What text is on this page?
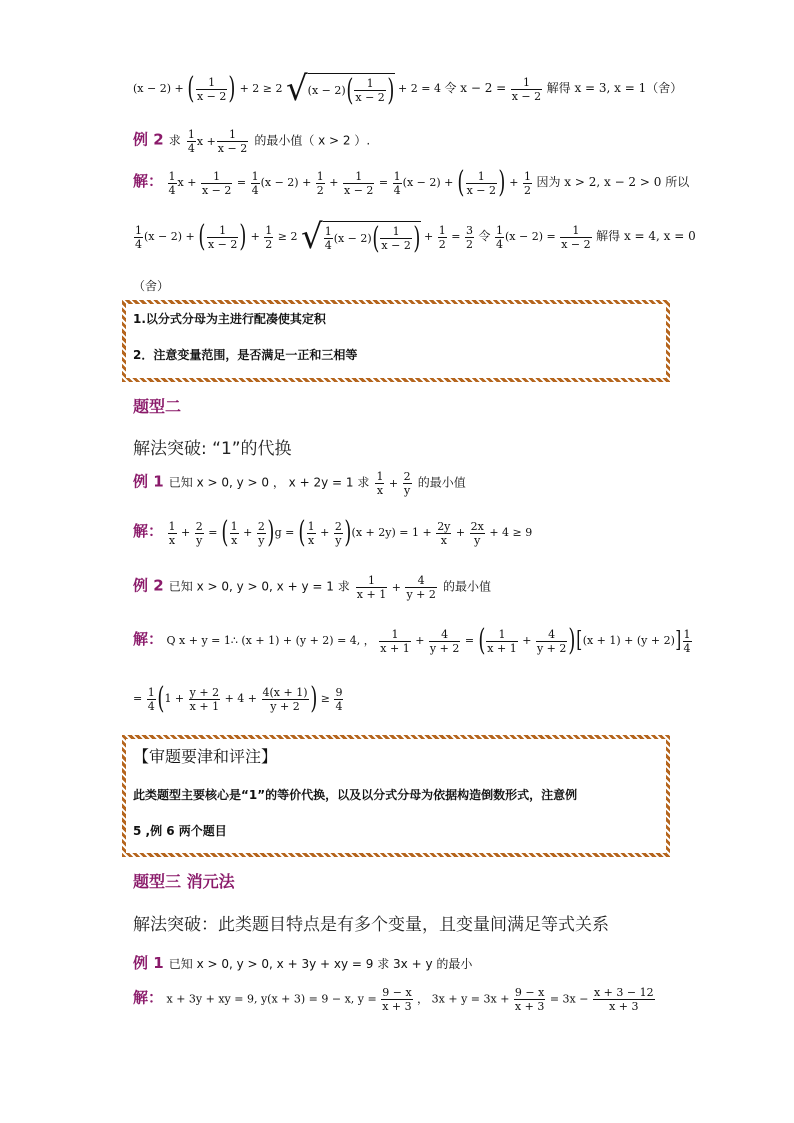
(x − 2) + ( $\frac{1}{x - 2}$ ) + 2 ≥ 2 $√(x - 2)( \frac{1}{x - 2}$ ) + 2 = 4 令 $x - 2 = \frac{1}{x - 2}$ 解得 x = 3, x = 1（舍）
例 2 求 $\frac{1}{4}$ $x + \frac{1}{x - 2}$ 的最小值（ x > 2 ）.
解： $\frac{1}{4}$ $x + \frac{1}{x - 2} = \frac{1}{4} (x - 2) + \frac{1}{2} + \frac{1}{x - 2} = \frac{1}{4} (x - 2)$ + ( $\frac{1}{x - 2}$ ) + $\frac{1}{2}$ 因为 x > 2, x − 2 > 0 所以
$\frac{1}{4} (x - 2)$ + ( $\frac{1}{x - 2}$ ) + $\frac{1}{2} \ge 2$ √ $\frac{1}{4} (x - 2)( \frac{1}{x - 2}$ ) + $\frac{1}{2} = \frac{3}{2}$ 令 $\frac{1}{4} (x - 2) = \frac{1}{x - 2}$ 解得 x = 4, x = 0
（舍）
1.以分式分母为主进行配凑使其定积
2．注意变量范围，是否满足一正和三相等
题型二
解法突破: “1”的代换
例 1 已知 x > 0, y > 0 ， x + 2y = 1 求 $\frac{1}{x} + \frac{2}{y}$ 的最小值
解： $\frac{1}{x} + \frac{2}{y}$ = ( $\frac{1}{x} + \frac{2}{y} )g$ = ( $\frac{1}{x} + \frac{2}{y} )(x + 2y) = 1 + \frac{2y}{x} + \frac{2x}{y} + 4 \ge 9$
例 2 已知 x > 0, y > 0, x + y = 1 求 $\frac{1}{x + 1} + \frac{4}{y + 2}$ 的最小值
解： Q x + y = 1∴ (x + 1) + (y + 2) = 4, ， $\frac{1}{x + 1} + \frac{4}{y + 2}$ = ( $\frac{1}{x + 1} + \frac{4}{y + 2} )[(x + 1) + (y + 2)] \frac{1}{4}$
= $\frac{1}{4} (1 + \frac{y + 2}{x + 1} + 4 + \frac{4(x + 1)}{y + 2}$ ) ≥ $\frac{9}{4}$
【审题要津和评注】
此类题型主要核心是“1”的等价代换，以及以分式分母为依据构造倒数形式，注意例
5 ,例 6 两个题目
题型三 消元法
解法突破：此类题目特点是有多个变量，且变量间满足等式关系
例 1 已知 x > 0, y > 0, x + 3y + xy = 9 求 3x + y 的最小
解： x + 3y + xy = 9, y(x + 3) = 9 − x, $y = \frac{9 - x}{x + 3}$ ， $3x + y = 3x + \frac{9 - x}{x + 3} = 3x - \frac{x + 3 - 12}{x + 3}$
